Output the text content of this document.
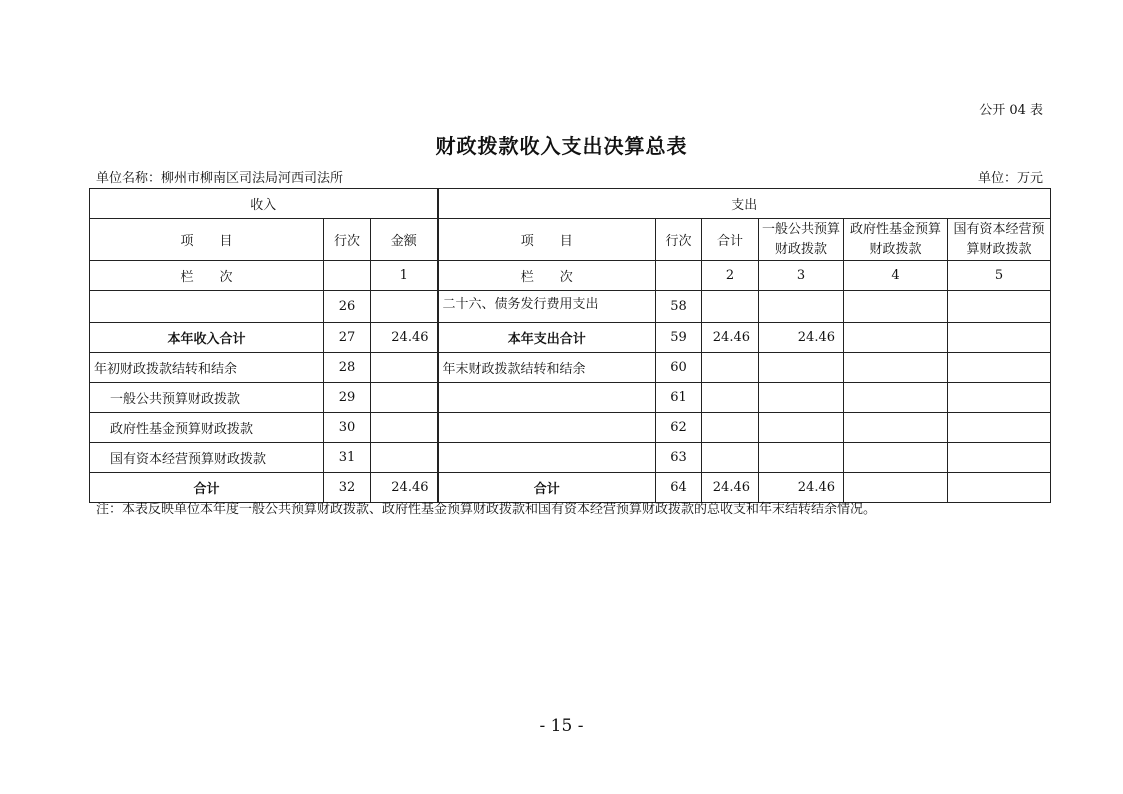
公开 04 表
财政拨款收入支出决算总表
单位名称：柳州市柳南区司法局河西司法所	单位：万元
收入			支出					
项　　目	行次	金额	项　　目	行次	合计	一般公共预算财政拨款	政府性基金预算财政拨款	国有资本经营预算财政拨款
栏　　次		1	栏　　次		2	3	4	5
	26		二十六、债务发行费用支出	58				
本年收入合计	27	24.46	本年支出合计	59	24.46	24.46		
年初财政拨款结转和结余	28		年末财政拨款结转和结余	60				
一般公共预算财政拨款	29			61				
政府性基金预算财政拨款	30			62				
国有资本经营预算财政拨款	31			63				
合计	32	24.46	合计	64	24.46	24.46		
注：本表反映单位本年度一般公共预算财政拨款、政府性基金预算财政拨款和国有资本经营预算财政拨款的总收支和年末结转结余情况。
- 15 -
